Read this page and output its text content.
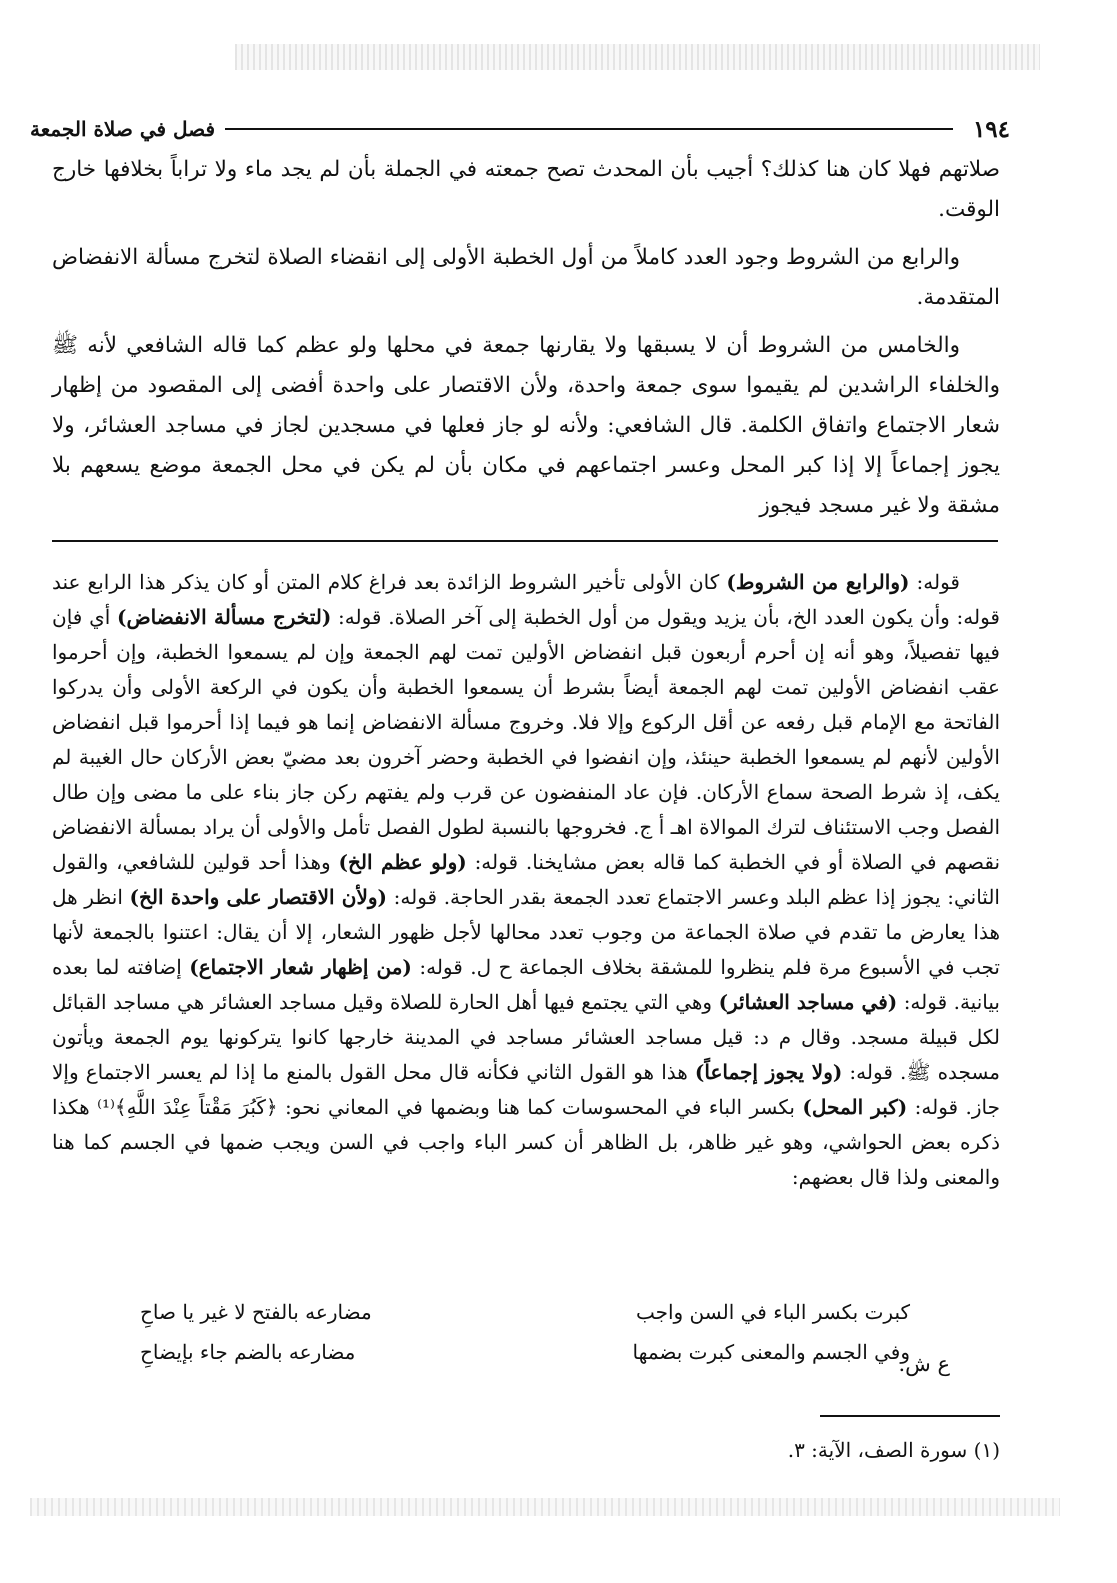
١٩٤
فصل في صلاة الجمعة

صلاتهم فهلا كان هنا كذلك؟ أجيب بأن المحدث تصح جمعته في الجملة بأن لم يجد ماء ولا تراباً بخلافها خارج الوقت.

والرابع من الشروط وجود العدد كاملاً من أول الخطبة الأولى إلى انقضاء الصلاة لتخرج مسألة الانفضاض المتقدمة.

والخامس من الشروط أن لا يسبقها ولا يقارنها جمعة في محلها ولو عظم كما قاله الشافعي لأنه ﷺ والخلفاء الراشدين لم يقيموا سوى جمعة واحدة، ولأن الاقتصار على واحدة أفضى إلى المقصود من إظهار شعار الاجتماع واتفاق الكلمة. قال الشافعي: ولأنه لو جاز فعلها في مسجدين لجاز في مساجد العشائر، ولا يجوز إجماعاً إلا إذا كبر المحل وعسر اجتماعهم في مكان بأن لم يكن في محل الجمعة موضع يسعهم بلا مشقة ولا غير مسجد فيجوز

قوله: (والرابع من الشروط) كان الأولى تأخير الشروط الزائدة بعد فراغ كلام المتن أو كان يذكر هذا الرابع عند قوله: وأن يكون العدد الخ، بأن يزيد ويقول من أول الخطبة إلى آخر الصلاة. قوله: (لتخرج مسألة الانفضاض) أي فإن فيها تفصيلاً، وهو أنه إن أحرم أربعون قبل انفضاض الأولين تمت لهم الجمعة وإن لم يسمعوا الخطبة، وإن أحرموا عقب انفضاض الأولين تمت لهم الجمعة أيضاً بشرط أن يسمعوا الخطبة وأن يكون في الركعة الأولى وأن يدركوا الفاتحة مع الإمام قبل رفعه عن أقل الركوع وإلا فلا. وخروج مسألة الانفضاض إنما هو فيما إذا أحرموا قبل انفضاض الأولين لأنهم لم يسمعوا الخطبة حينئذ، وإن انفضوا في الخطبة وحضر آخرون بعد مضيّ بعض الأركان حال الغيبة لم يكف، إذ شرط الصحة سماع الأركان. فإن عاد المنفضون عن قرب ولم يفتهم ركن جاز بناء على ما مضى وإن طال الفصل وجب الاستئناف لترك الموالاة اهـ أ ج. فخروجها بالنسبة لطول الفصل تأمل والأولى أن يراد بمسألة الانفضاض نقصهم في الصلاة أو في الخطبة كما قاله بعض مشايخنا. قوله: (ولو عظم الخ) وهذا أحد قولين للشافعي، والقول الثاني: يجوز إذا عظم البلد وعسر الاجتماع تعدد الجمعة بقدر الحاجة. قوله: (ولأن الاقتصار على واحدة الخ) انظر هل هذا يعارض ما تقدم في صلاة الجماعة من وجوب تعدد محالها لأجل ظهور الشعار، إلا أن يقال: اعتنوا بالجمعة لأنها تجب في الأسبوع مرة فلم ينظروا للمشقة بخلاف الجماعة ح ل. قوله: (من إظهار شعار الاجتماع) إضافته لما بعده بيانية. قوله: (في مساجد العشائر) وهي التي يجتمع فيها أهل الحارة للصلاة وقيل مساجد العشائر هي مساجد القبائل لكل قبيلة مسجد. وقال م د: قيل مساجد العشائر مساجد في المدينة خارجها كانوا يتركونها يوم الجمعة ويأتون مسجده ﷺ. قوله: (ولا يجوز إجماعاً) هذا هو القول الثاني فكأنه قال محل القول بالمنع ما إذا لم يعسر الاجتماع وإلا جاز. قوله: (كبر المحل) بكسر الباء في المحسوسات كما هنا وبضمها في المعاني نحو: ﴿كَبُرَ مَقْتاً عِنْدَ اللَّهِ﴾⁽¹⁾ هكذا ذكره بعض الحواشي، وهو غير ظاهر، بل الظاهر أن كسر الباء واجب في السن ويجب ضمها في الجسم كما هنا والمعنى ولذا قال بعضهم:

كبرت بكسر الباء في السن واجب
مضارعه بالفتح لا غير يا صاحِ
وفي الجسم والمعنى كبرت بضمها
مضارعه بالضم جاء بإيضاحِ	ع ش.
(١) سورة الصف، الآية: ٣.
